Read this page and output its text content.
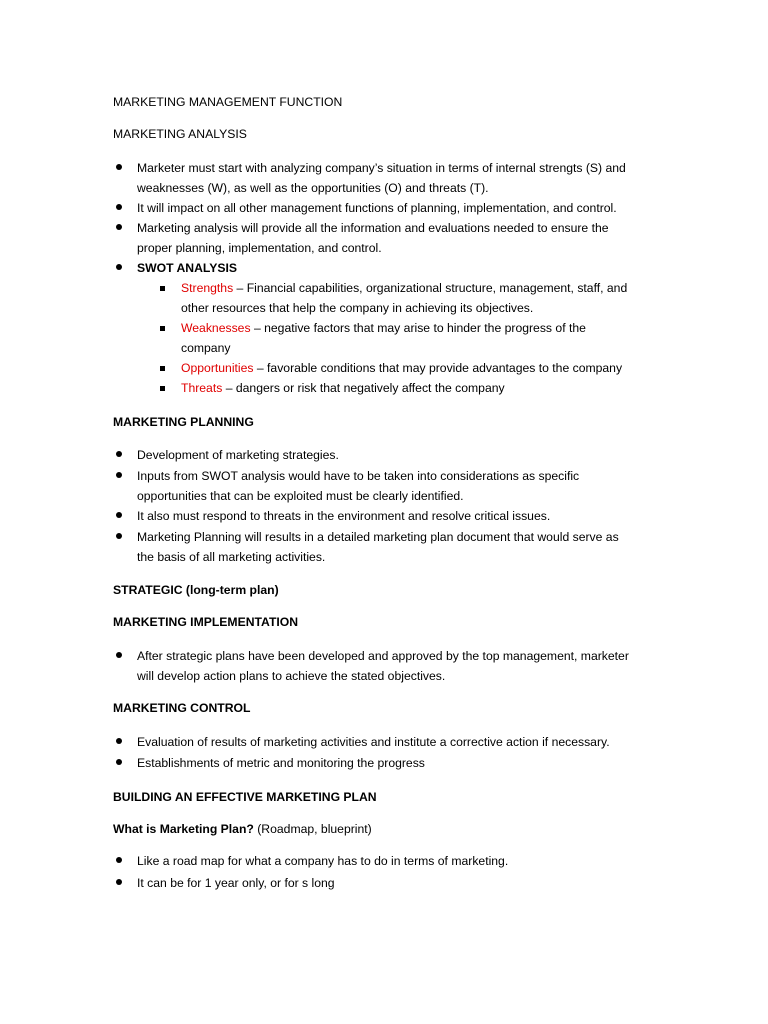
MARKETING MANAGEMENT FUNCTION
MARKETING ANALYSIS
Marketer must start with analyzing company’s situation in terms of internal strengts (S) and
weaknesses (W), as well as the opportunities (O) and threats (T).
It will impact on all other management functions of planning, implementation, and control.
Marketing analysis will provide all the information and evaluations needed to ensure the
proper planning, implementation, and control.
SWOT ANALYSIS
Strengths – Financial capabilities, organizational structure, management, staff, and
other resources that help the company in achieving its objectives.
Weaknesses – negative factors that may arise to hinder the progress of the
company
Opportunities – favorable conditions that may provide advantages to the company
Threats – dangers or risk that negatively affect the company
MARKETING PLANNING
Development of marketing strategies.
Inputs from SWOT analysis would have to be taken into considerations as specific
opportunities that can be exploited must be clearly identified.
It also must respond to threats in the environment and resolve critical issues.
Marketing Planning will results in a detailed marketing plan document that would serve as
the basis of all marketing activities.
STRATEGIC (long-term plan)
MARKETING IMPLEMENTATION
After strategic plans have been developed and approved by the top management, marketer
will develop action plans to achieve the stated objectives.
MARKETING CONTROL
Evaluation of results of marketing activities and institute a corrective action if necessary.
Establishments of metric and monitoring the progress
BUILDING AN EFFECTIVE MARKETING PLAN
What is Marketing Plan? (Roadmap, blueprint)
Like a road map for what a company has to do in terms of marketing.
It can be for 1 year only, or for s long
